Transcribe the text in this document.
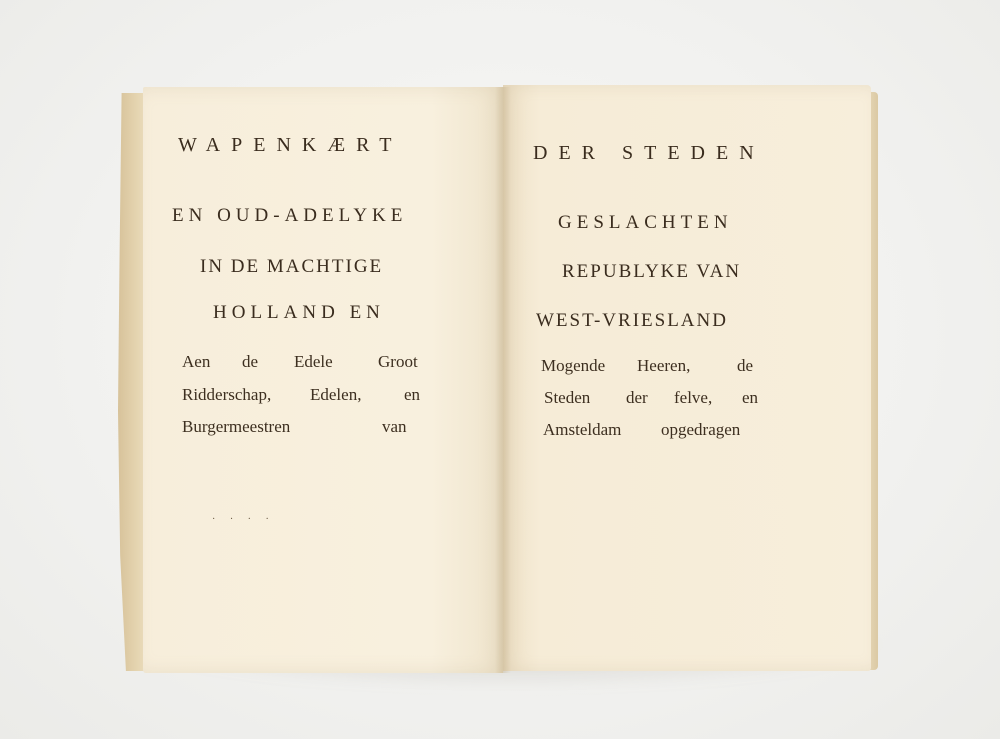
WAPENKÆRT
EN OUD-ADELYKE
IN DE MACHTIGE
HOLLAND EN
Aen de Edele	Groot
Ridderschap, Edelen,	en
Burgermeestren	van
· · · ·
DER STEDEN
GESLACHTEN
REPUBLYKE VAN
WEST-VRIESLAND
Mogende Heeren,	de
Steden der felve, en
Amsteldam opgedragen
